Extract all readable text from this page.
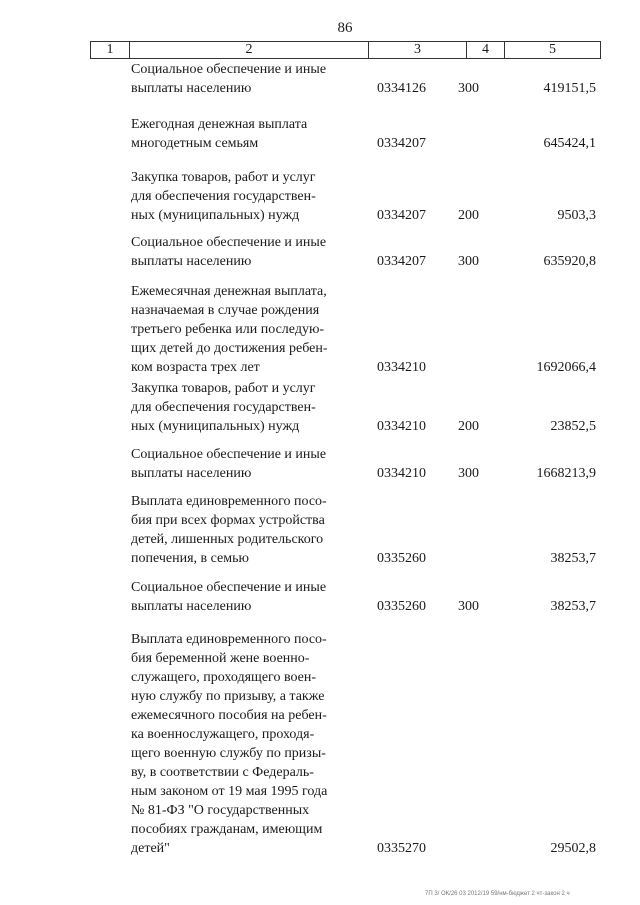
86
1	2	3	4	5
Социальное обеспечение и иные
выплаты населению	0334126 300	419151,5
Ежегодная денежная выплата
многодетным семьям	0334207	645424,1
Закупка товаров, работ и услуг
для обеспечения государствен-
ных (муниципальных) нужд	0334207 200	9503,3
Социальное обеспечение и иные
выплаты населению	0334207 300	635920,8
Ежемесячная денежная выплата,
назначаемая в случае рождения
третьего ребенка или последую-
щих детей до достижения ребен-
ком возраста трех лет	0334210	1692066,4
Закупка товаров, работ и услуг
для обеспечения государствен-
ных (муниципальных) нужд	0334210 200	23852,5
Социальное обеспечение и иные
выплаты населению	0334210 300	1668213,9
Выплата единовременного посо-
бия при всех формах устройства
детей, лишенных родительского
попечения, в семью	0335260	38253,7
Социальное обеспечение и иные
выплаты населению	0335260 300	38253,7
Выплата единовременного посо-
бия беременной жене военно-
служащего, проходящего воен-
ную службу по призыву, а также
ежемесячного пособия на ребен-
ка военнослужащего, проходя-
щего военную службу по призы-
ву, в соответствии с Федераль-
ным законом от 19 мая 1995 года
№ 81-ФЗ "О государственных
пособиях гражданам, имеющим
детей"	0335270	29502,8
7П 3/ ОК/26 03 2012/19 59/нм-бюджет 2 чт-закон 2 ч
